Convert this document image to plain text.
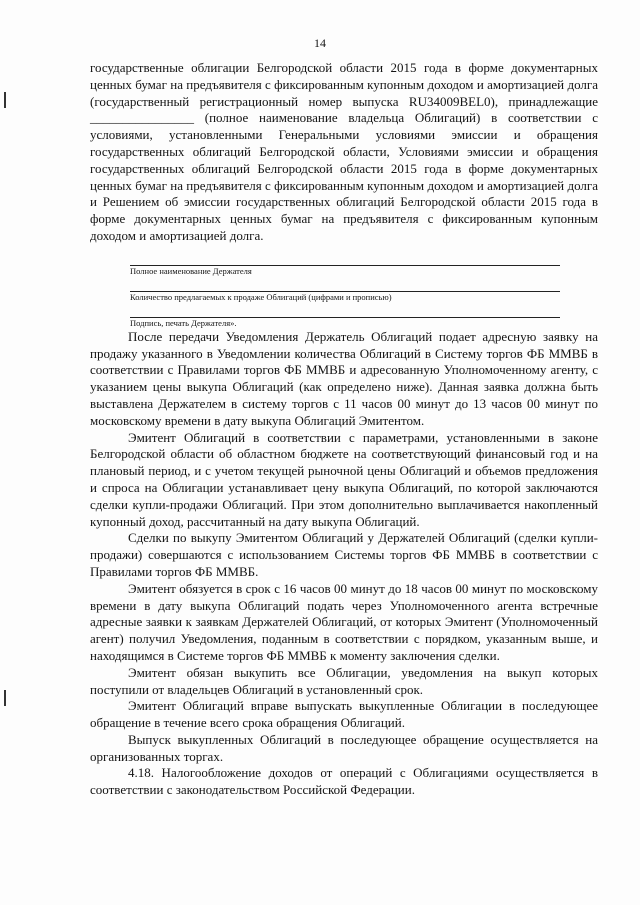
14

государственные облигации Белгородской области 2015 года в форме документарных ценных бумаг на предъявителя с фиксированным купонным доходом и амортизацией долга (государственный регистрационный номер выпуска RU34009BEL0), принадлежащие ________________ (полное наименование владельца Облигаций) в соответствии с условиями, установленными Генеральными условиями эмиссии и обращения государственных облигаций Белгородской области, Условиями эмиссии и обращения государственных облигаций Белгородской области 2015 года в форме документарных ценных бумаг на предъявителя с фиксированным купонным доходом и амортизацией долга и Решением об эмиссии государственных облигаций Белгородской области 2015 года в форме документарных ценных бумаг на предъявителя с фиксированным купонным доходом и амортизацией долга.

Полное наименование Держателя
Количество предлагаемых к продаже Облигаций (цифрами и прописью)
Подпись, печать Держателя».

После передачи Уведомления Держатель Облигаций подает адресную заявку на продажу указанного в Уведомлении количества Облигаций в Систему торгов ФБ ММВБ в соответствии с Правилами торгов ФБ ММВБ и адресованную Уполномоченному агенту, с указанием цены выкупа Облигаций (как определено ниже). Данная заявка должна быть выставлена Держателем в систему торгов с 11 часов 00 минут до 13 часов 00 минут по московскому времени в дату выкупа Облигаций Эмитентом.

Эмитент Облигаций в соответствии с параметрами, установленными в законе Белгородской области об областном бюджете на соответствующий финансовый год и на плановый период, и с учетом текущей рыночной цены Облигаций и объемов предложения и спроса на Облигации устанавливает цену выкупа Облигаций, по которой заключаются сделки купли-продажи Облигаций. При этом дополнительно выплачивается накопленный купонный доход, рассчитанный на дату выкупа Облигаций.

Сделки по выкупу Эмитентом Облигаций у Держателей Облигаций (сделки купли-продажи) совершаются с использованием Системы торгов ФБ ММВБ в соответствии с Правилами торгов ФБ ММВБ.

Эмитент обязуется в срок с 16 часов 00 минут до 18 часов 00 минут по московскому времени в дату выкупа Облигаций подать через Уполномоченного агента встречные адресные заявки к заявкам Держателей Облигаций, от которых Эмитент (Уполномоченный агент) получил Уведомления, поданным в соответствии с порядком, указанным выше, и находящимся в Системе торгов ФБ ММВБ к моменту заключения сделки.

Эмитент обязан выкупить все Облигации, уведомления на выкуп которых поступили от владельцев Облигаций в установленный срок.

Эмитент Облигаций вправе выпускать выкупленные Облигации в последующее обращение в течение всего срока обращения Облигаций.

Выпуск выкупленных Облигаций в последующее обращение осуществляется на организованных торгах.

4.18. Налогообложение доходов от операций с Облигациями осуществляется в соответствии с законодательством Российской Федерации.
